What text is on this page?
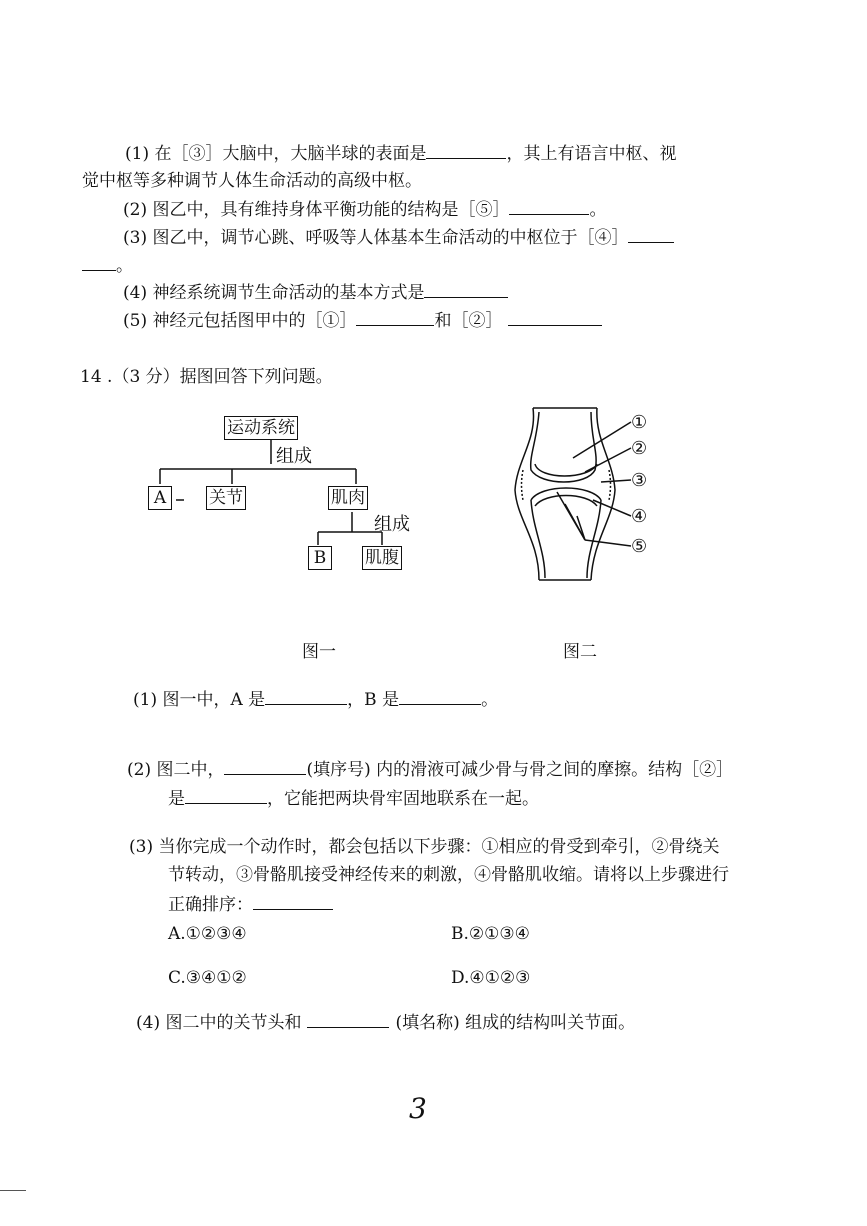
(1) 在［③］大脑中，大脑半球的表面是	，其上有语言中枢、视
觉中枢等多种调节人体生命活动的高级中枢。
(2) 图乙中，具有维持身体平衡功能的结构是［⑤］	。
(3) 图乙中，调节心跳、呼吸等人体基本生命活动的中枢位于［④］
。
(4) 神经系统调节生命活动的基本方式是
(5) 神经元包括图甲中的［①］	和［②］
14 .（3 分）据图回答下列问题。
运动系统
组成
A	关节	肌肉
组成
B	肌腹
①
②
③
④
⑤
图一	图二
(1) 图一中，A 是	，B 是	。
(2) 图二中，	(填序号) 内的滑液可减少骨与骨之间的摩擦。结构［②］
是	，它能把两块骨牢固地联系在一起。
(3) 当你完成一个动作时，都会包括以下步骤：①相应的骨受到牵引，②骨绕关
节转动，③骨骼肌接受神经传来的刺激，④骨骼肌收缩。请将以上步骤进行
正确排序：
A.①②③④	B.②①③④
C.③④①②	D.④①②③
(4) 图二中的关节头和	(填名称) 组成的结构叫关节面。
3
